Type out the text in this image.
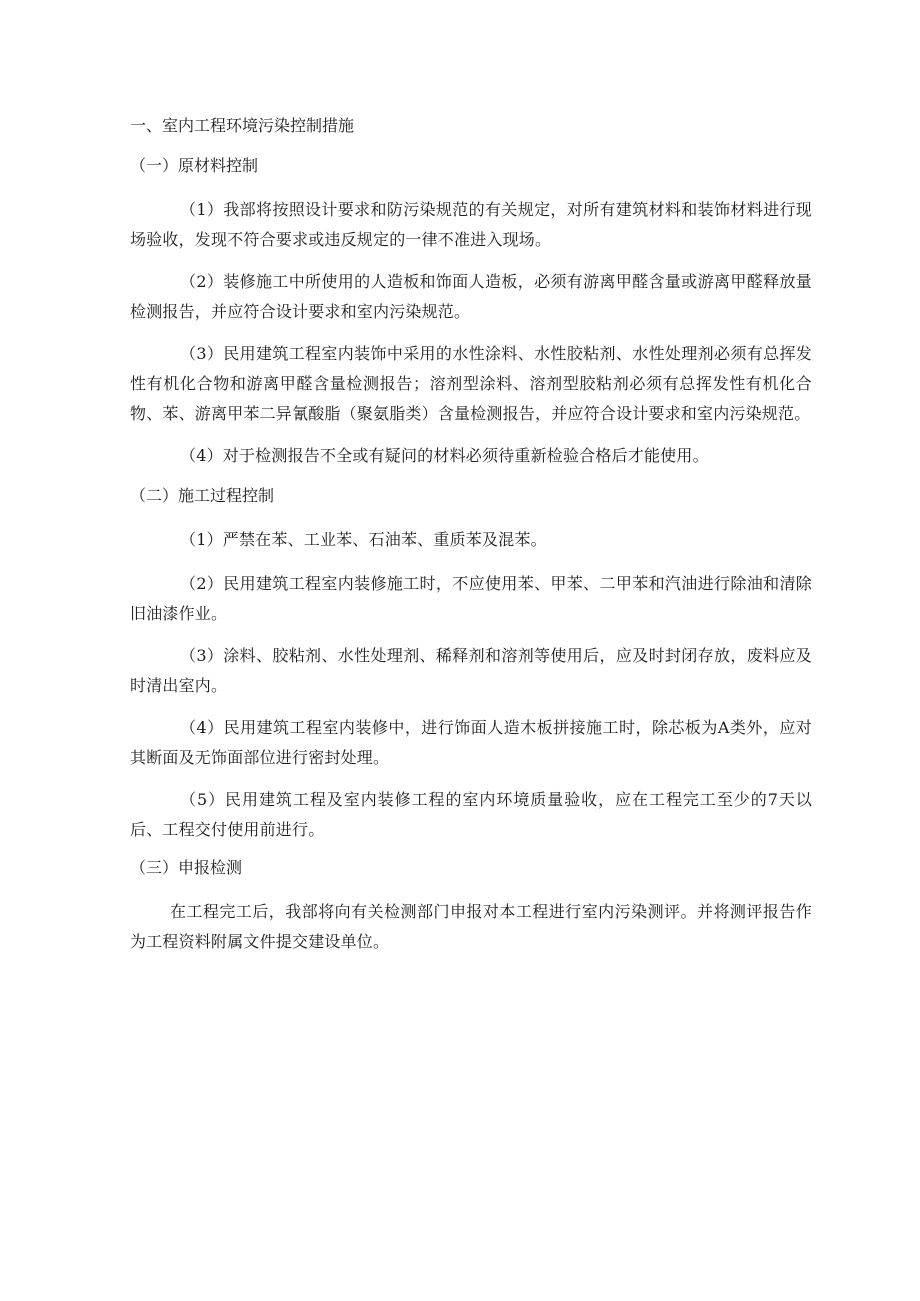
一、室内工程环境污染控制措施
（一）原材料控制

（1）我部将按照设计要求和防污染规范的有关规定，对所有建筑材料和装饰材料进行现场验收，发现不符合要求或违反规定的一律不准进入现场。

（2）装修施工中所使用的人造板和饰面人造板，必须有游离甲醛含量或游离甲醛释放量检测报告，并应符合设计要求和室内污染规范。

（3）民用建筑工程室内装饰中采用的水性涂料、水性胶粘剂、水性处理剂必须有总挥发性有机化合物和游离甲醛含量检测报告；溶剂型涂料、溶剂型胶粘剂必须有总挥发性有机化合物、苯、游离甲苯二异氰酸脂（聚氨脂类）含量检测报告，并应符合设计要求和室内污染规范。

（4）对于检测报告不全或有疑问的材料必须待重新检验合格后才能使用。

（二）施工过程控制

（1）严禁在苯、工业苯、石油苯、重质苯及混苯。

（2）民用建筑工程室内装修施工时，不应使用苯、甲苯、二甲苯和汽油进行除油和清除旧油漆作业。

（3）涂料、胶粘剂、水性处理剂、稀释剂和溶剂等使用后，应及时封闭存放，废料应及时清出室内。

（4）民用建筑工程室内装修中，进行饰面人造木板拼接施工时，除芯板为A类外，应对其断面及无饰面部位进行密封处理。

（5）民用建筑工程及室内装修工程的室内环境质量验收，应在工程完工至少的7天以后、工程交付使用前进行。

（三）申报检测

在工程完工后，我部将向有关检测部门申报对本工程进行室内污染测评。并将测评报告作为工程资料附属文件提交建设单位。
